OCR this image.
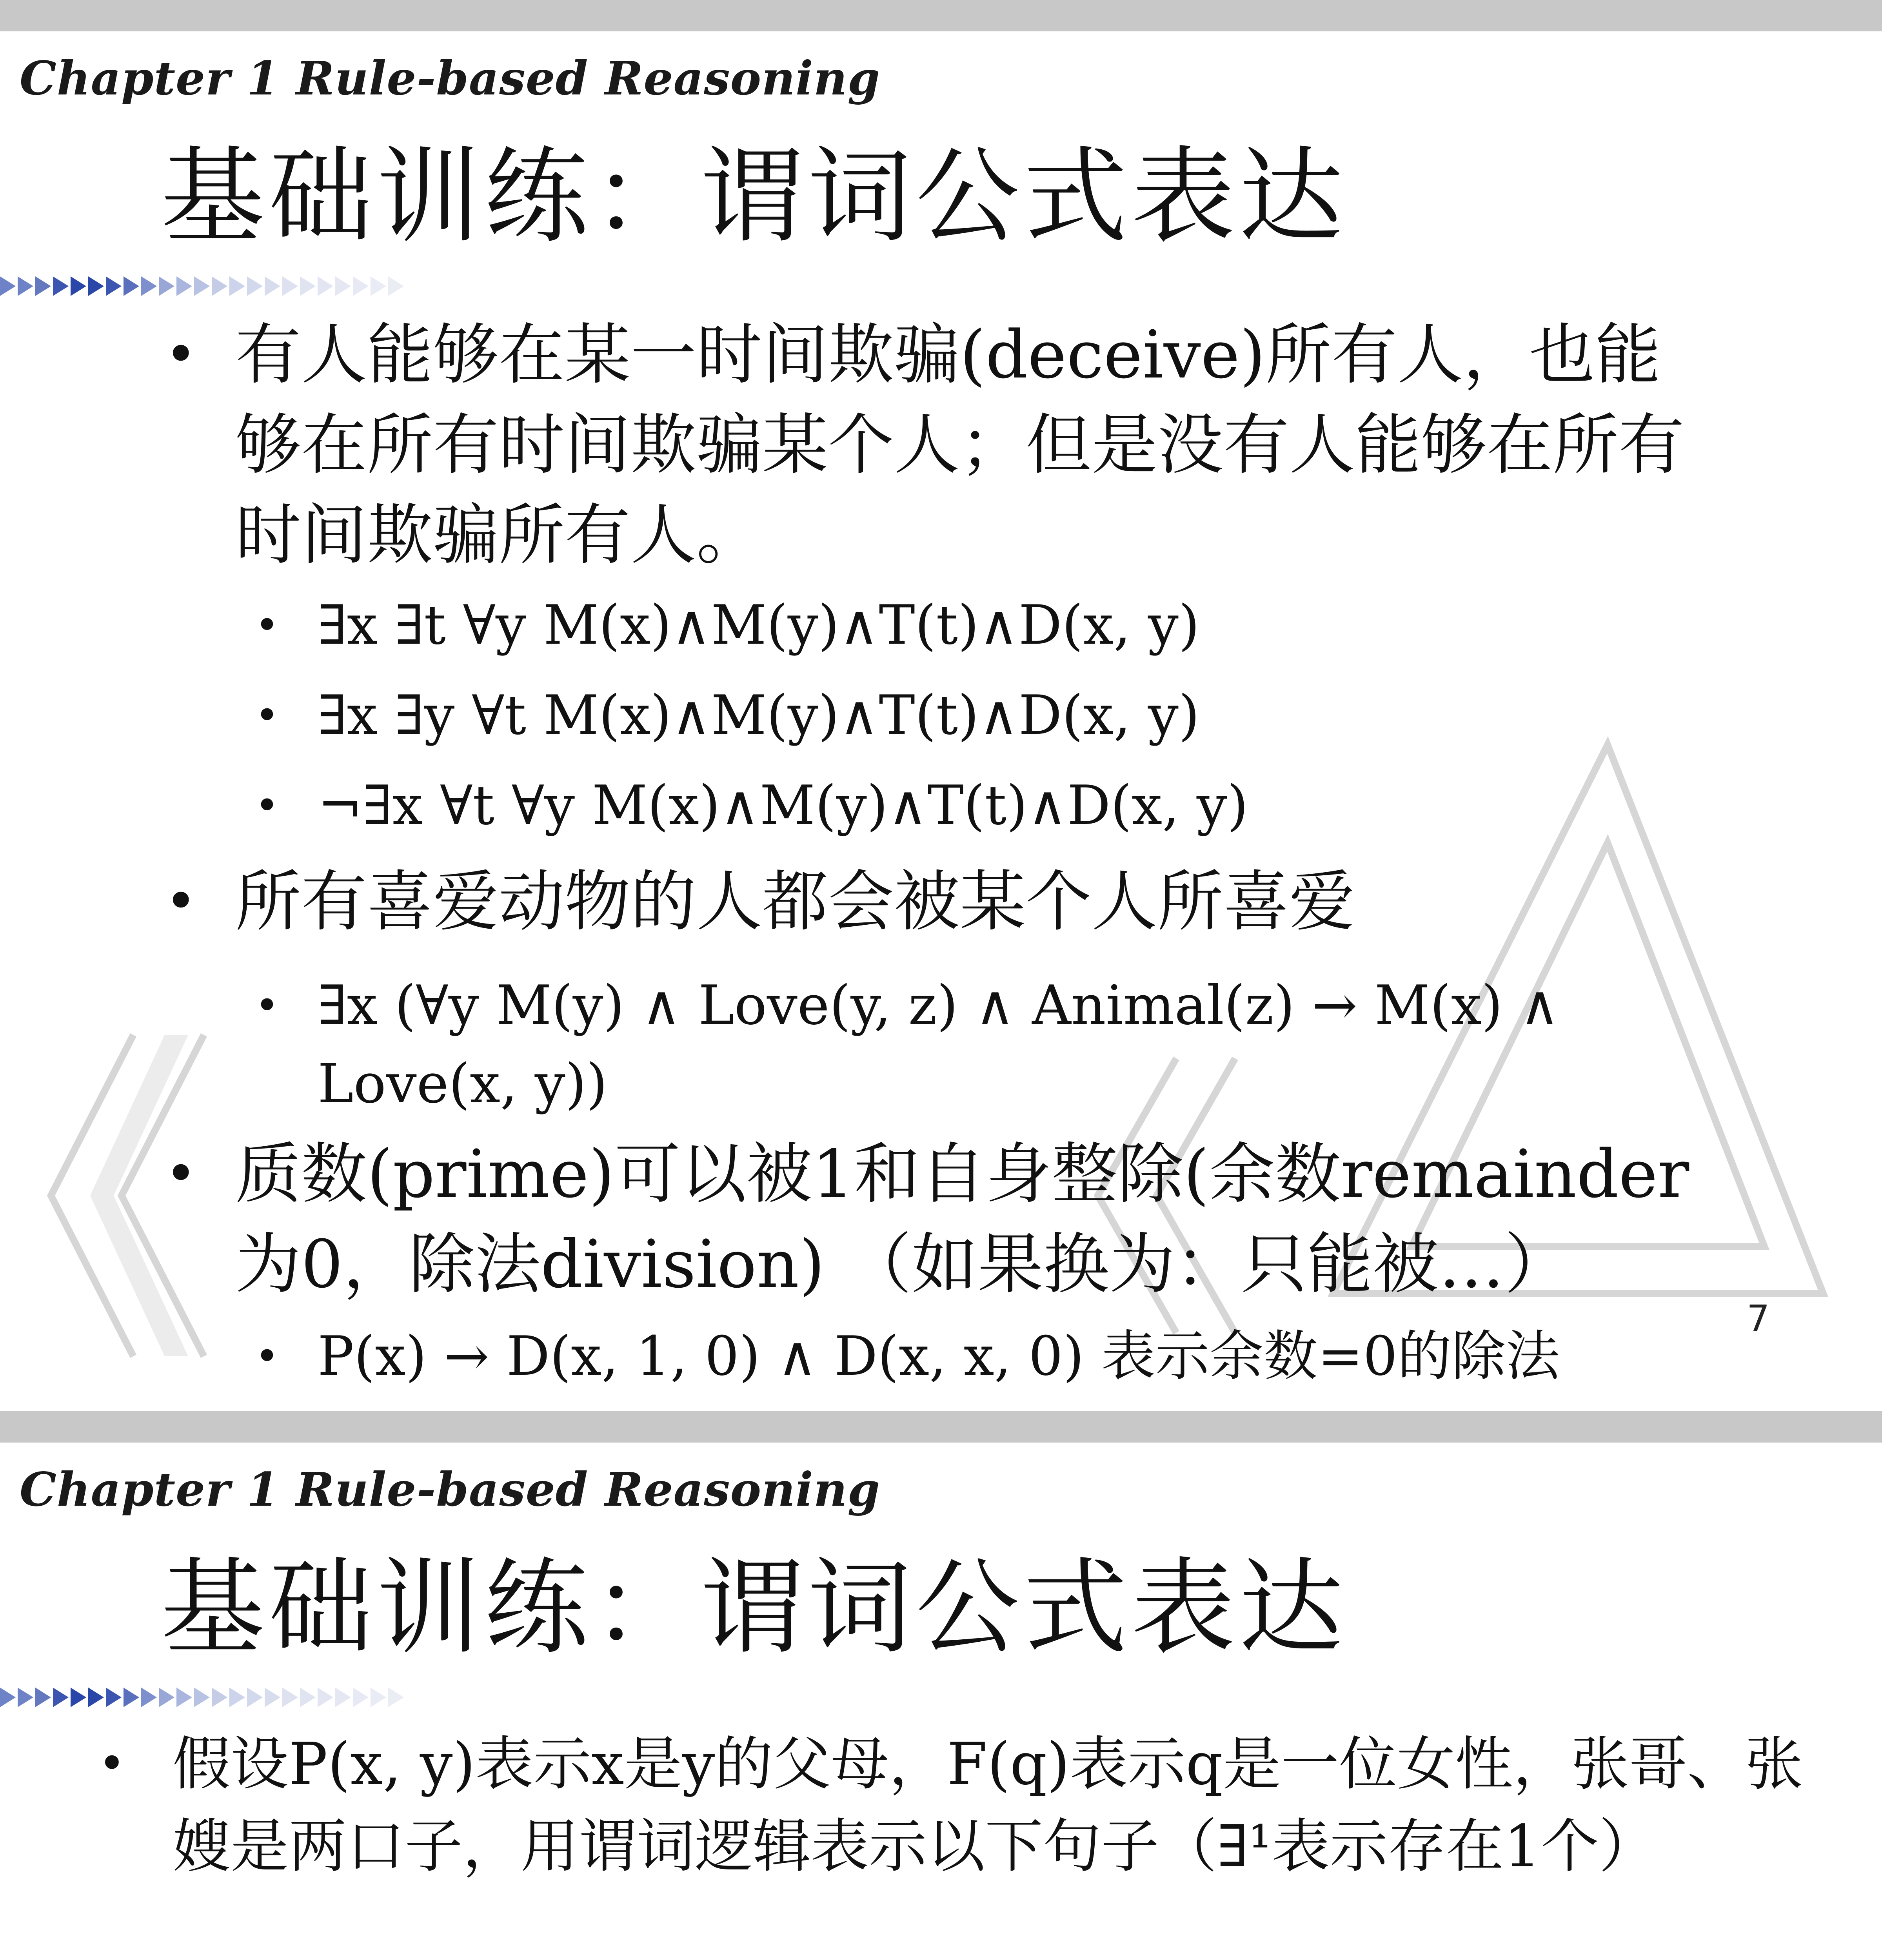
Chapter 1 Rule-based Reasoning
基础训练：谓词公式表达
• 有人能够在某一时间欺骗(deceive)所有人，也能够在所有时间欺骗某个人；但是没有人能够在所有时间欺骗所有人。
• ∃x ∃t ∀y M(x)∧M(y)∧T(t)∧D(x, y)
• ∃x ∃y ∀t M(x)∧M(y)∧T(t)∧D(x, y)
• ¬∃x ∀t ∀y M(x)∧M(y)∧T(t)∧D(x, y)
• 所有喜爱动物的人都会被某个人所喜爱
• ∃x (∀y M(y) ∧ Love(y, z) ∧ Animal(z) → M(x) ∧ Love(x, y))
• 质数(prime)可以被1和自身整除(余数remainder为0，除法division) （如果换为：只能被…）
• P(x) → D(x, 1, 0) ∧ D(x, x, 0) 表示余数=0的除法
7
Chapter 1 Rule-based Reasoning
基础训练：谓词公式表达
• 假设P(x, y)表示x是y的父母，F(q)表示q是一位女性，张哥、张嫂是两口子，用谓词逻辑表示以下句子（∃¹表示存在1个）
